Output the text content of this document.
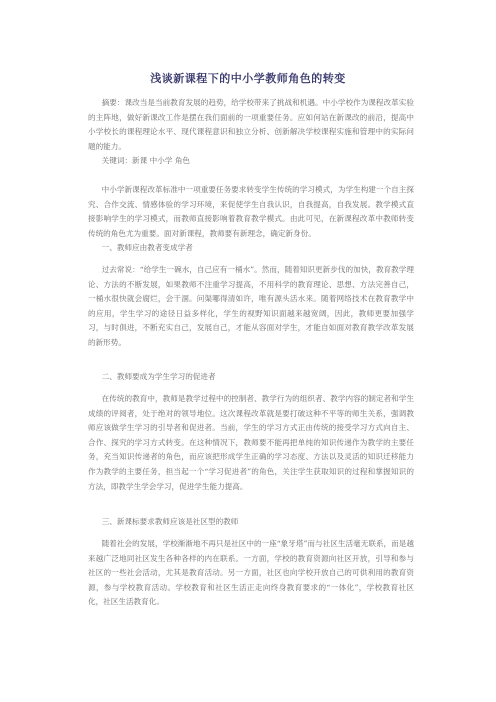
浅谈新课程下的中小学教师角色的转变

摘要：课改当是当前教育发展的趋势，给学校带来了挑战和机遇。中小学校作为课程改革实验的主阵地，做好新课改工作是摆在我们面前的一项重要任务。应如何站在新课改的前沿，提高中小学校长的课程理论水平、现代课程意识和独立分析、创新解决学校课程实施和管理中的实际问题的能力。

关键词：新课 中小学 角色

中小学新课程改革标准中一项重要任务要求转变学生传统的学习模式，为学生构建一个自主探究、合作交流、情感体验的学习环境，来促使学生自我认识，自我提高，自我发展。教学模式直接影响学生的学习模式，而教师直接影响着教育教学模式。由此可见，在新课程改革中教师转变传统的角色尤为重要。面对新课程，教师要有新理念，确定新身份。

一、教师应由教者变成学者

过去常说：“给学生一碗水，自己应有一桶水”。然而，随着知识更新步伐的加快，教育教学理论、方法的不断发展，如果教师不注重学习提高，不用科学的教育理论、思想、方法完善自己，一桶水很快就会腐烂，会干涸。问渠哪得清如许，唯有源头活水来。随着网络技术在教育教学中的应用，学生学习的途径日益多样化，学生的视野知识面越来越宽阔，因此，教师更要加强学习，与时俱进，不断充实自己，发展自己，才能从容面对学生，才能自如面对教育教学改革发展的新形势。

二、教师要成为学生学习的促进者

在传统的教育中，教师是教学过程中的控制者、教学行为的组织者、教学内容的制定者和学生成绩的评阅者，处于绝对的领导地位。这次课程改革就是要打破这种不平等的师生关系，强调教师应该做学生学习的引导者和促进者。当前，学生的学习方式正由传统的接受学习方式向自主、合作、探究的学习方式转变。在这种情况下，教师要不能再把单纯的知识传递作为教学的主要任务，充当知识传递者的角色，而应该把形成学生正确的学习态度、方法以及灵活的知识迁移能力作为教学的主要任务，担当起一个“学习促进者”的角色，关注学生获取知识的过程和掌握知识的方法，即教学生学会学习，促进学生能力提高。

三、新课标要求教师应该是社区型的教师

随着社会的发展，学校渐渐地不再只是社区中的一座“象牙塔”而与社区生活毫无联系，而是越来越广泛地同社区发生各种各样的内在联系。一方面，学校的教育资源向社区开放，引导和参与社区的一些社会活动，尤其是教育活动。另一方面，社区也向学校开放自己的可供利用的教育资源，参与学校教育活动。学校教育和社区生活正走向终身教育要求的“一体化”，学校教育社区化，社区生活教育化。
